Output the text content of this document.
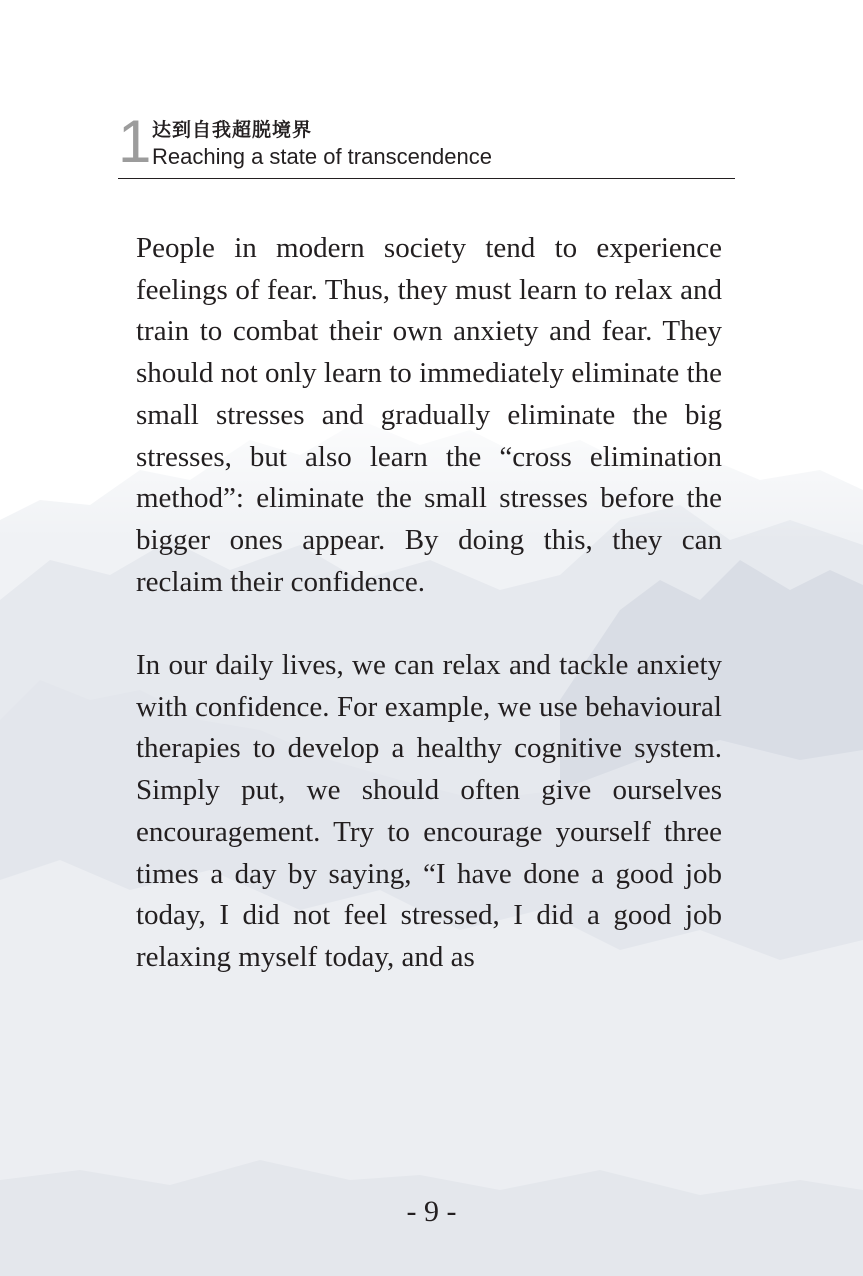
1 达到自我超脱境界
Reaching a state of transcendence

People in modern society tend to experience feelings of fear. Thus, they must learn to relax and train to combat their own anxiety and fear. They should not only learn to immediately eliminate the small stresses and gradually eliminate the big stresses, but also learn the “cross elimination method”: eliminate the small stresses before the bigger ones appear. By doing this, they can reclaim their confidence.

In our daily lives, we can relax and tackle anxiety with confidence. For example, we use behavioural therapies to develop a healthy cognitive system. Simply put, we should often give ourselves encouragement. Try to encourage yourself three times a day by saying, “I have done a good job today, I did not feel stressed, I did a good job relaxing myself today, and as

- 9 -
